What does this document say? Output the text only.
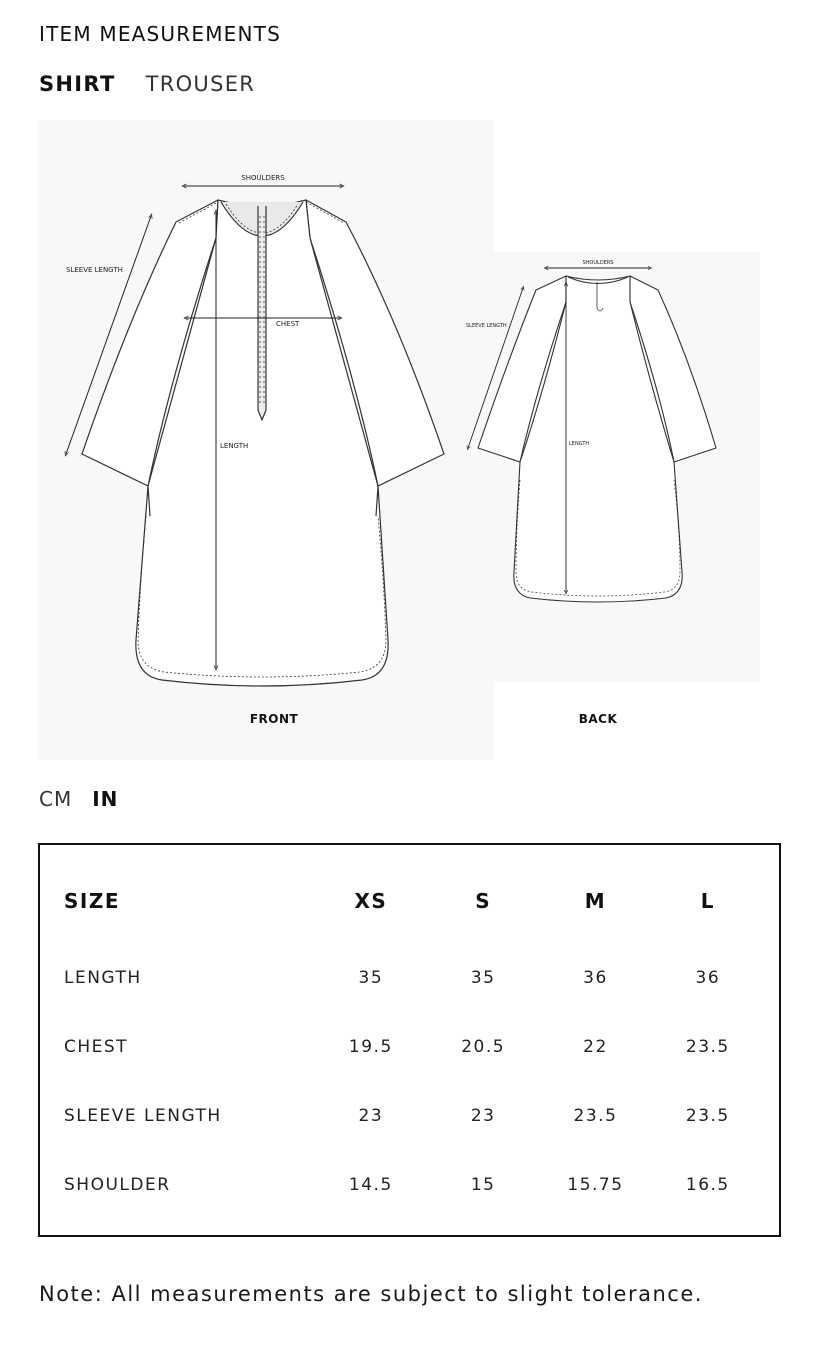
ITEM MEASUREMENTS
SHIRT TROUSER
SHOULDERS
SLEEVE LENGTH
CHEST
LENGTH
FRONT
SHOULDERS
SLEEVE LENGTH
LENGTH
BACK
CM IN
SIZE	XS	S	M	L
LENGTH	35	35	36	36
CHEST	19.5	20.5	22	23.5
SLEEVE LENGTH	23	23	23.5	23.5
SHOULDER	14.5	15	15.75	16.5
Note: All measurements are subject to slight tolerance.
